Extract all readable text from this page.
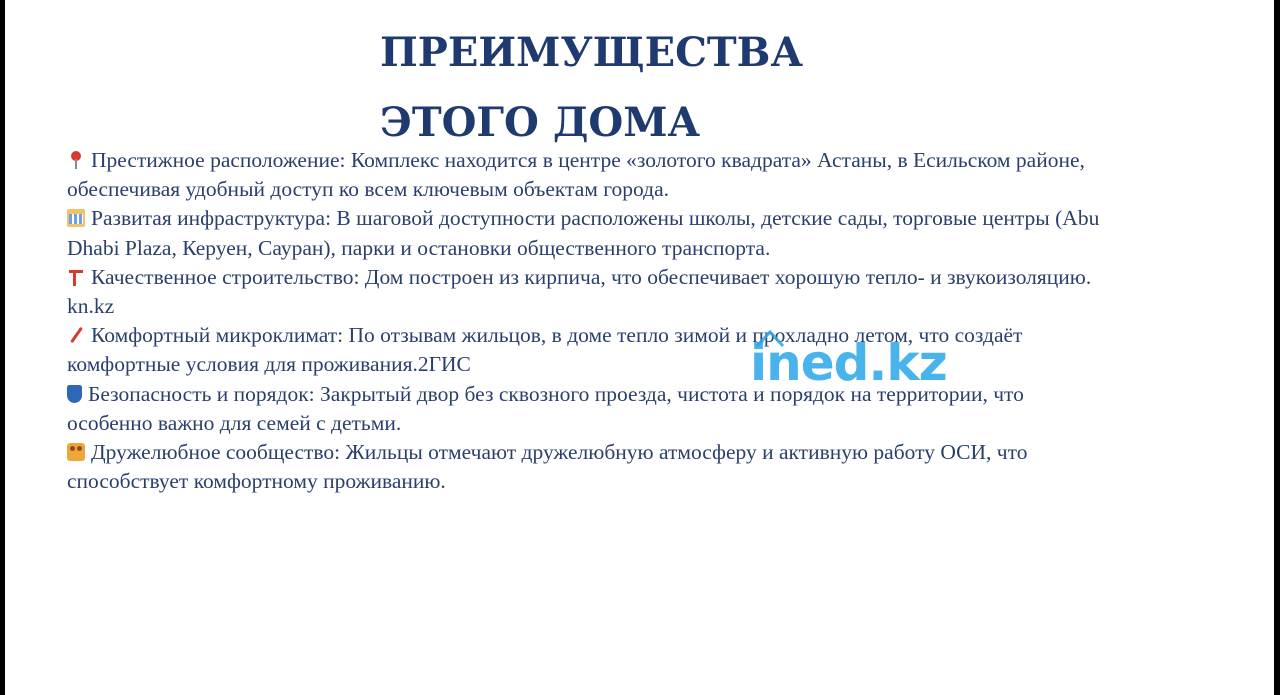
ПРЕИМУЩЕСТВА
ЭТОГО ДОМА
Престижное расположение: Комплекс находится в центре «золотого квадрата» Астаны, в Есильском районе,
обеспечивая удобный доступ ко всем ключевым объектам города.
Развитая инфраструктура: В шаговой доступности расположены школы, детские сады, торговые центры (Abu
Dhabi Plaza, Керуен, Сауран), парки и остановки общественного транспорта.
Качественное строительство: Дом построен из кирпича, что обеспечивает хорошую тепло- и звукоизоляцию.
kn.kz
Комфортный микроклимат: По отзывам жильцов, в доме тепло зимой и прохладно летом, что создаёт
комфортные условия для проживания.2ГИС
Безопасность и порядок: Закрытый двор без сквозного проезда, чистота и порядок на территории, что
особенно важно для семей с детьми.
Дружелюбное сообщество: Жильцы отмечают дружелюбную атмосферу и активную работу ОСИ, что
способствует комфортному проживанию.
ined.kz
